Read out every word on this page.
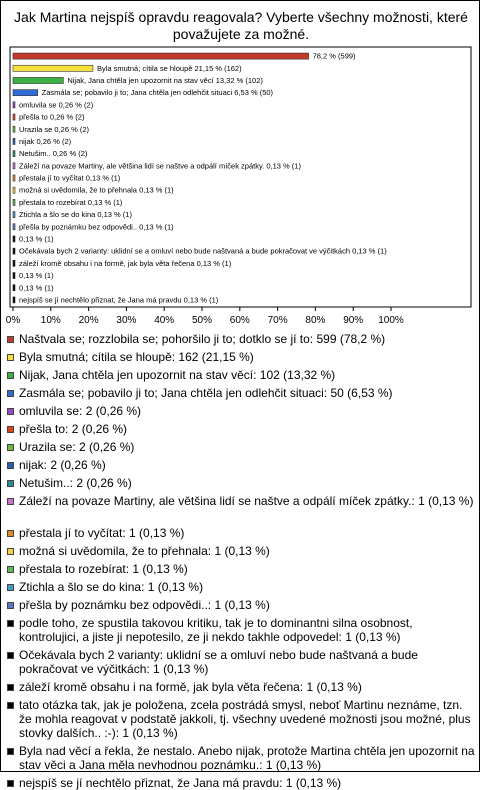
Jak Martina nejspíš opravdu reagovala? Vyberte všechny možnosti, které považujete za možné.
78,2 % (599)
Byla smutná; cítila se hloupě 21,15 % (162)
Nijak, Jana chtěla jen upozornit na stav věcí 13,32 % (102)
Zasmála se; pobavilo ji to; Jana chtěla jen odlehčit situaci 6,53 % (50)
omluvila se 0,26 % (2)
přešla to 0,26 % (2)
Urazila se 0,26 % (2)
nijak 0,26 % (2)
Netušim.. 0,26 % (2)
Záleží na povaze Martiny, ale většina lidí se naštve a odpálí míček zpátky. 0,13 % (1)
přestala jí to vyčítat 0,13 % (1)
možná si uvědomila, že to přehnala 0,13 % (1)
přestala to rozebírat 0,13 % (1)
Ztichla a šlo se do kina 0,13 % (1)
přešla by poznámku bez odpovědi.. 0,13 % (1)
0,13 % (1)
Očekávala bych 2 varianty: uklidní se a omluví nebo bude naštvaná a bude pokračovat ve výčitkách 0,13 % (1)
záleží kromě obsahu i na formě, jak byla věta řečena 0,13 % (1)
0,13 % (1)
0,13 % (1)
nejspíš se jí nechtělo přiznat, že Jana má pravdu 0,13 % (1)
0% 10% 20% 30% 40% 50% 60% 70% 80% 90% 100%
Naštvala se; rozzlobila se; pohoršilo ji to; dotklo se jí to: 599 (78,2 %)
Byla smutná; cítila se hloupě: 162 (21,15 %)
Nijak, Jana chtěla jen upozornit na stav věcí: 102 (13,32 %)
Zasmála se; pobavilo ji to; Jana chtěla jen odlehčit situaci: 50 (6,53 %)
omluvila se: 2 (0,26 %)
přešla to: 2 (0,26 %)
Urazila se: 2 (0,26 %)
nijak: 2 (0,26 %)
Netušim..: 2 (0,26 %)
Záleží na povaze Martiny, ale většina lidí se naštve a odpálí míček zpátky.: 1 (0,13 %)
přestala jí to vyčítat: 1 (0,13 %)
možná si uvědomila, že to přehnala: 1 (0,13 %)
přestala to rozebírat: 1 (0,13 %)
Ztichla a šlo se do kina: 1 (0,13 %)
přešla by poznámku bez odpovědi..: 1 (0,13 %)
podle toho, ze spustila takovou kritiku, tak je to dominantni silna osobnost, kontrolujici, a jiste ji nepotesilo, ze ji nekdo takhle odpovedel: 1 (0,13 %)
Očekávala bych 2 varianty: uklidní se a omluví nebo bude naštvaná a bude pokračovat ve výčitkách: 1 (0,13 %)
záleží kromě obsahu i na formě, jak byla věta řečena: 1 (0,13 %)
tato otázka tak, jak je položena, zcela postrádá smysl, neboť Martinu neznáme, tzn. že mohla reagovat v podstatě jakkoli, tj. všechny uvedené možnosti jsou možné, plus stovky dalších.. :-): 1 (0,13 %)
Byla nad věcí a řekla, že nestalo. Anebo nijak, protože Martina chtěla jen upozornit na stav věci a Jana měla nevhodnou poznámku.: 1 (0,13 %)
nejspíš se jí nechtělo přiznat, že Jana má pravdu: 1 (0,13 %)
